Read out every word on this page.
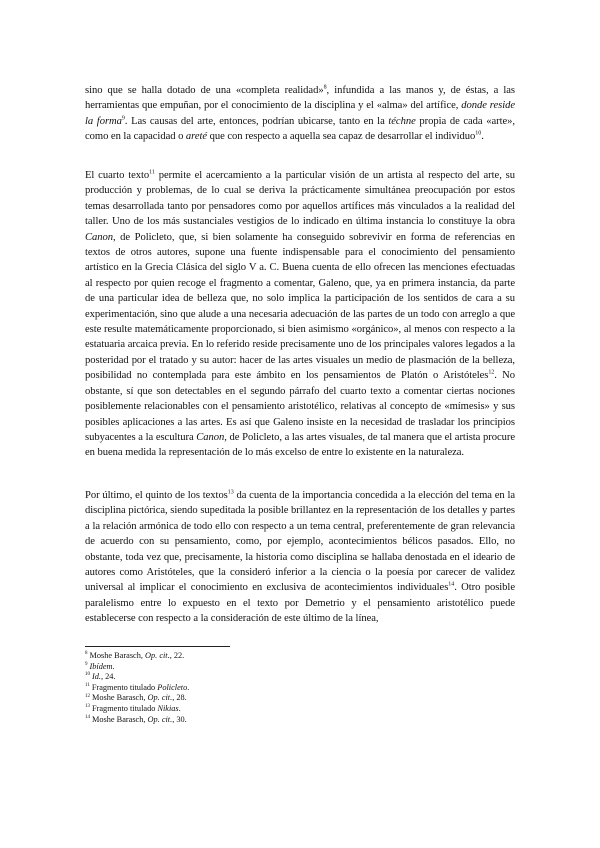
sino que se halla dotado de una «completa realidad»$^8$, infundida a las manos y, de éstas, a las herramientas que empuñan, por el conocimiento de la disciplina y el «alma» del artífice, donde reside la forma$^9$. Las causas del arte, entonces, podrían ubicarse, tanto en la téchne propia de cada «arte», como en la capacidad o areté que con respecto a aquella sea capaz de desarrollar el individuo$^{10}$.

El cuarto texto$^{11}$ permite el acercamiento a la particular visión de un artista al respecto del arte, su producción y problemas, de lo cual se deriva la prácticamente simultánea preocupación por estos temas desarrollada tanto por pensadores como por aquellos artífices más vinculados a la realidad del taller. Uno de los más sustanciales vestigios de lo indicado en última instancia lo constituye la obra Canon, de Policleto, que, si bien solamente ha conseguido sobrevivir en forma de referencias en textos de otros autores, supone una fuente indispensable para el conocimiento del pensamiento artístico en la Grecia Clásica del siglo V a. C. Buena cuenta de ello ofrecen las menciones efectuadas al respecto por quien recoge el fragmento a comentar, Galeno, que, ya en primera instancia, da parte de una particular idea de belleza que, no solo implica la participación de los sentidos de cara a su experimentación, sino que alude a una necesaria adecuación de las partes de un todo con arreglo a que este resulte matemáticamente proporcionado, si bien asimismo «orgánico», al menos con respecto a la estatuaria arcaica previa. En lo referido reside precisamente uno de los principales valores legados a la posteridad por el tratado y su autor: hacer de las artes visuales un medio de plasmación de la belleza, posibilidad no contemplada para este ámbito en los pensamientos de Platón o Aristóteles$^{12}$. No obstante, sí que son detectables en el segundo párrafo del cuarto texto a comentar ciertas nociones posiblemente relacionables con el pensamiento aristotélico, relativas al concepto de «mímesis» y sus posibles aplicaciones a las artes. Es así que Galeno insiste en la necesidad de trasladar los principios subyacentes a la escultura Canon, de Policleto, a las artes visuales, de tal manera que el artista procure en buena medida la representación de lo más excelso de entre lo existente en la naturaleza.

Por último, el quinto de los textos$^{13}$ da cuenta de la importancia concedida a la elección del tema en la disciplina pictórica, siendo supeditada la posible brillantez en la representación de los detalles y partes a la relación armónica de todo ello con respecto a un tema central, preferentemente de gran relevancia de acuerdo con su pensamiento, como, por ejemplo, acontecimientos bélicos pasados. Ello, no obstante, toda vez que, precisamente, la historia como disciplina se hallaba denostada en el ideario de autores como Aristóteles, que la consideró inferior a la ciencia o la poesía por carecer de validez universal al implicar el conocimiento en exclusiva de acontecimientos individuales$^{14}$. Otro posible paralelismo entre lo expuesto en el texto por Demetrio y el pensamiento aristotélico puede establecerse con respecto a la consideración de este último de la línea,

$^8$ Moshe Barasch, Op. cit., 22.
$^9$ Ibídem.
$^{10}$ Id., 24.
$^{11}$ Fragmento titulado Policleto.
$^{12}$ Moshe Barasch, Op. cit., 28.
$^{13}$ Fragmento titulado Nikias.
$^{14}$ Moshe Barasch, Op. cit., 30.
